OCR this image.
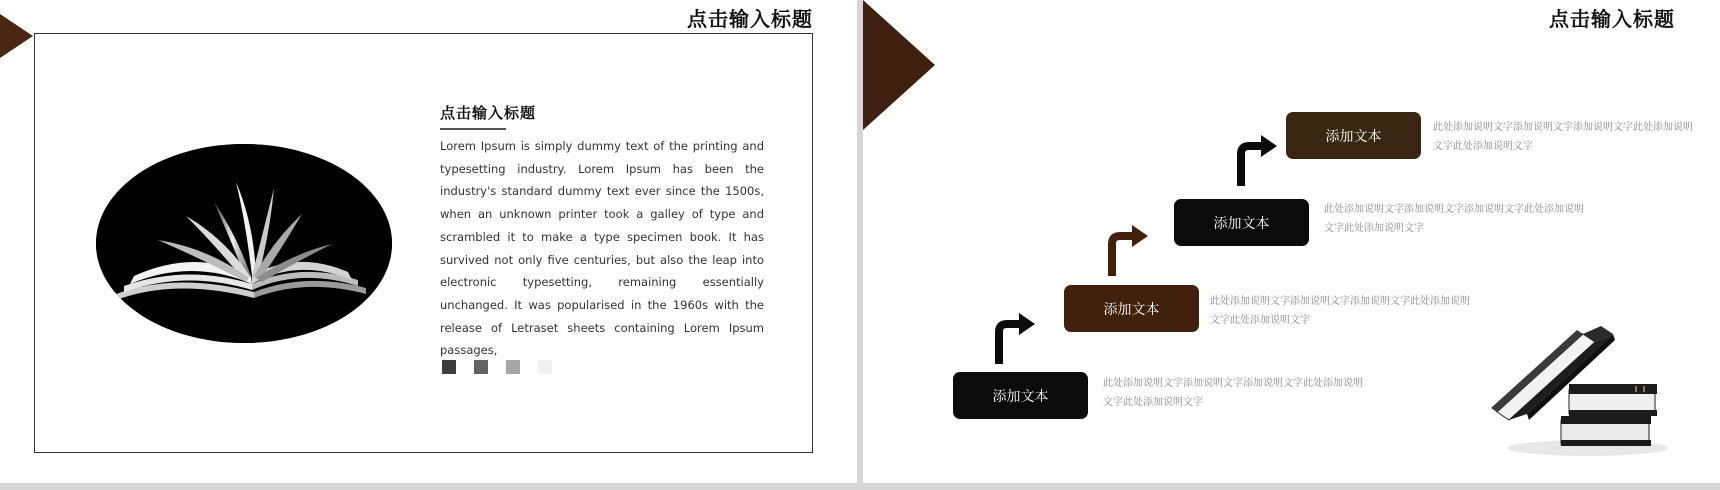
点击输入标题
点击输入标题
Lorem Ipsum is simply dummy text of the printing and typesetting industry. Lorem Ipsum has been the industry's standard dummy text ever since the 1500s, when an unknown printer took a galley of type and scrambled it to make a type specimen book. It has survived not only five centuries, but also the leap into electronic typesetting, remaining essentially unchanged. It was popularised in the 1960s with the release of Letraset sheets containing Lorem Ipsum passages,
点击输入标题
添加文本
此处添加说明文字添加说明文字添加说明文字此处添加说明文字此处添加说明文字
添加文本	此处添加说明文字添加说明文字添加说明文字此处添加说明文字此处添加说明文字
添加文本
此处添加说明文字添加说明文字添加说明文字此处添加说明文字此处添加说明文字
添加文本
此处添加说明文字添加说明文字添加说明文字此处添加说明文字此处添加说明文字
